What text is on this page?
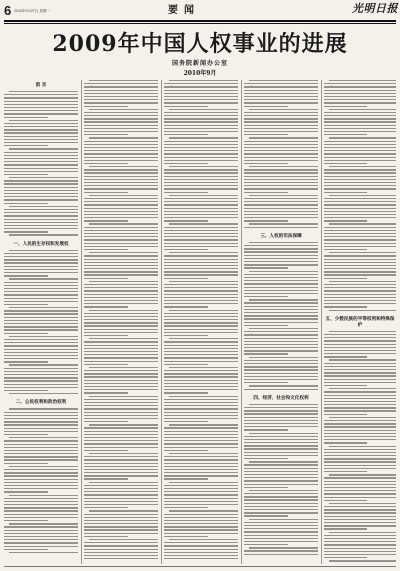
6 2010年9月27日 星期一	要闻	光明日报
2009年中国人权事业的进展
国务院新闻办公室
2010年9月
前 言
一、人民的生存权和发展权
二、公民权利和政治权利
三、人权的司法保障
四、经济、社会和文化权利
五、少数民族的平等权利和特殊保护
